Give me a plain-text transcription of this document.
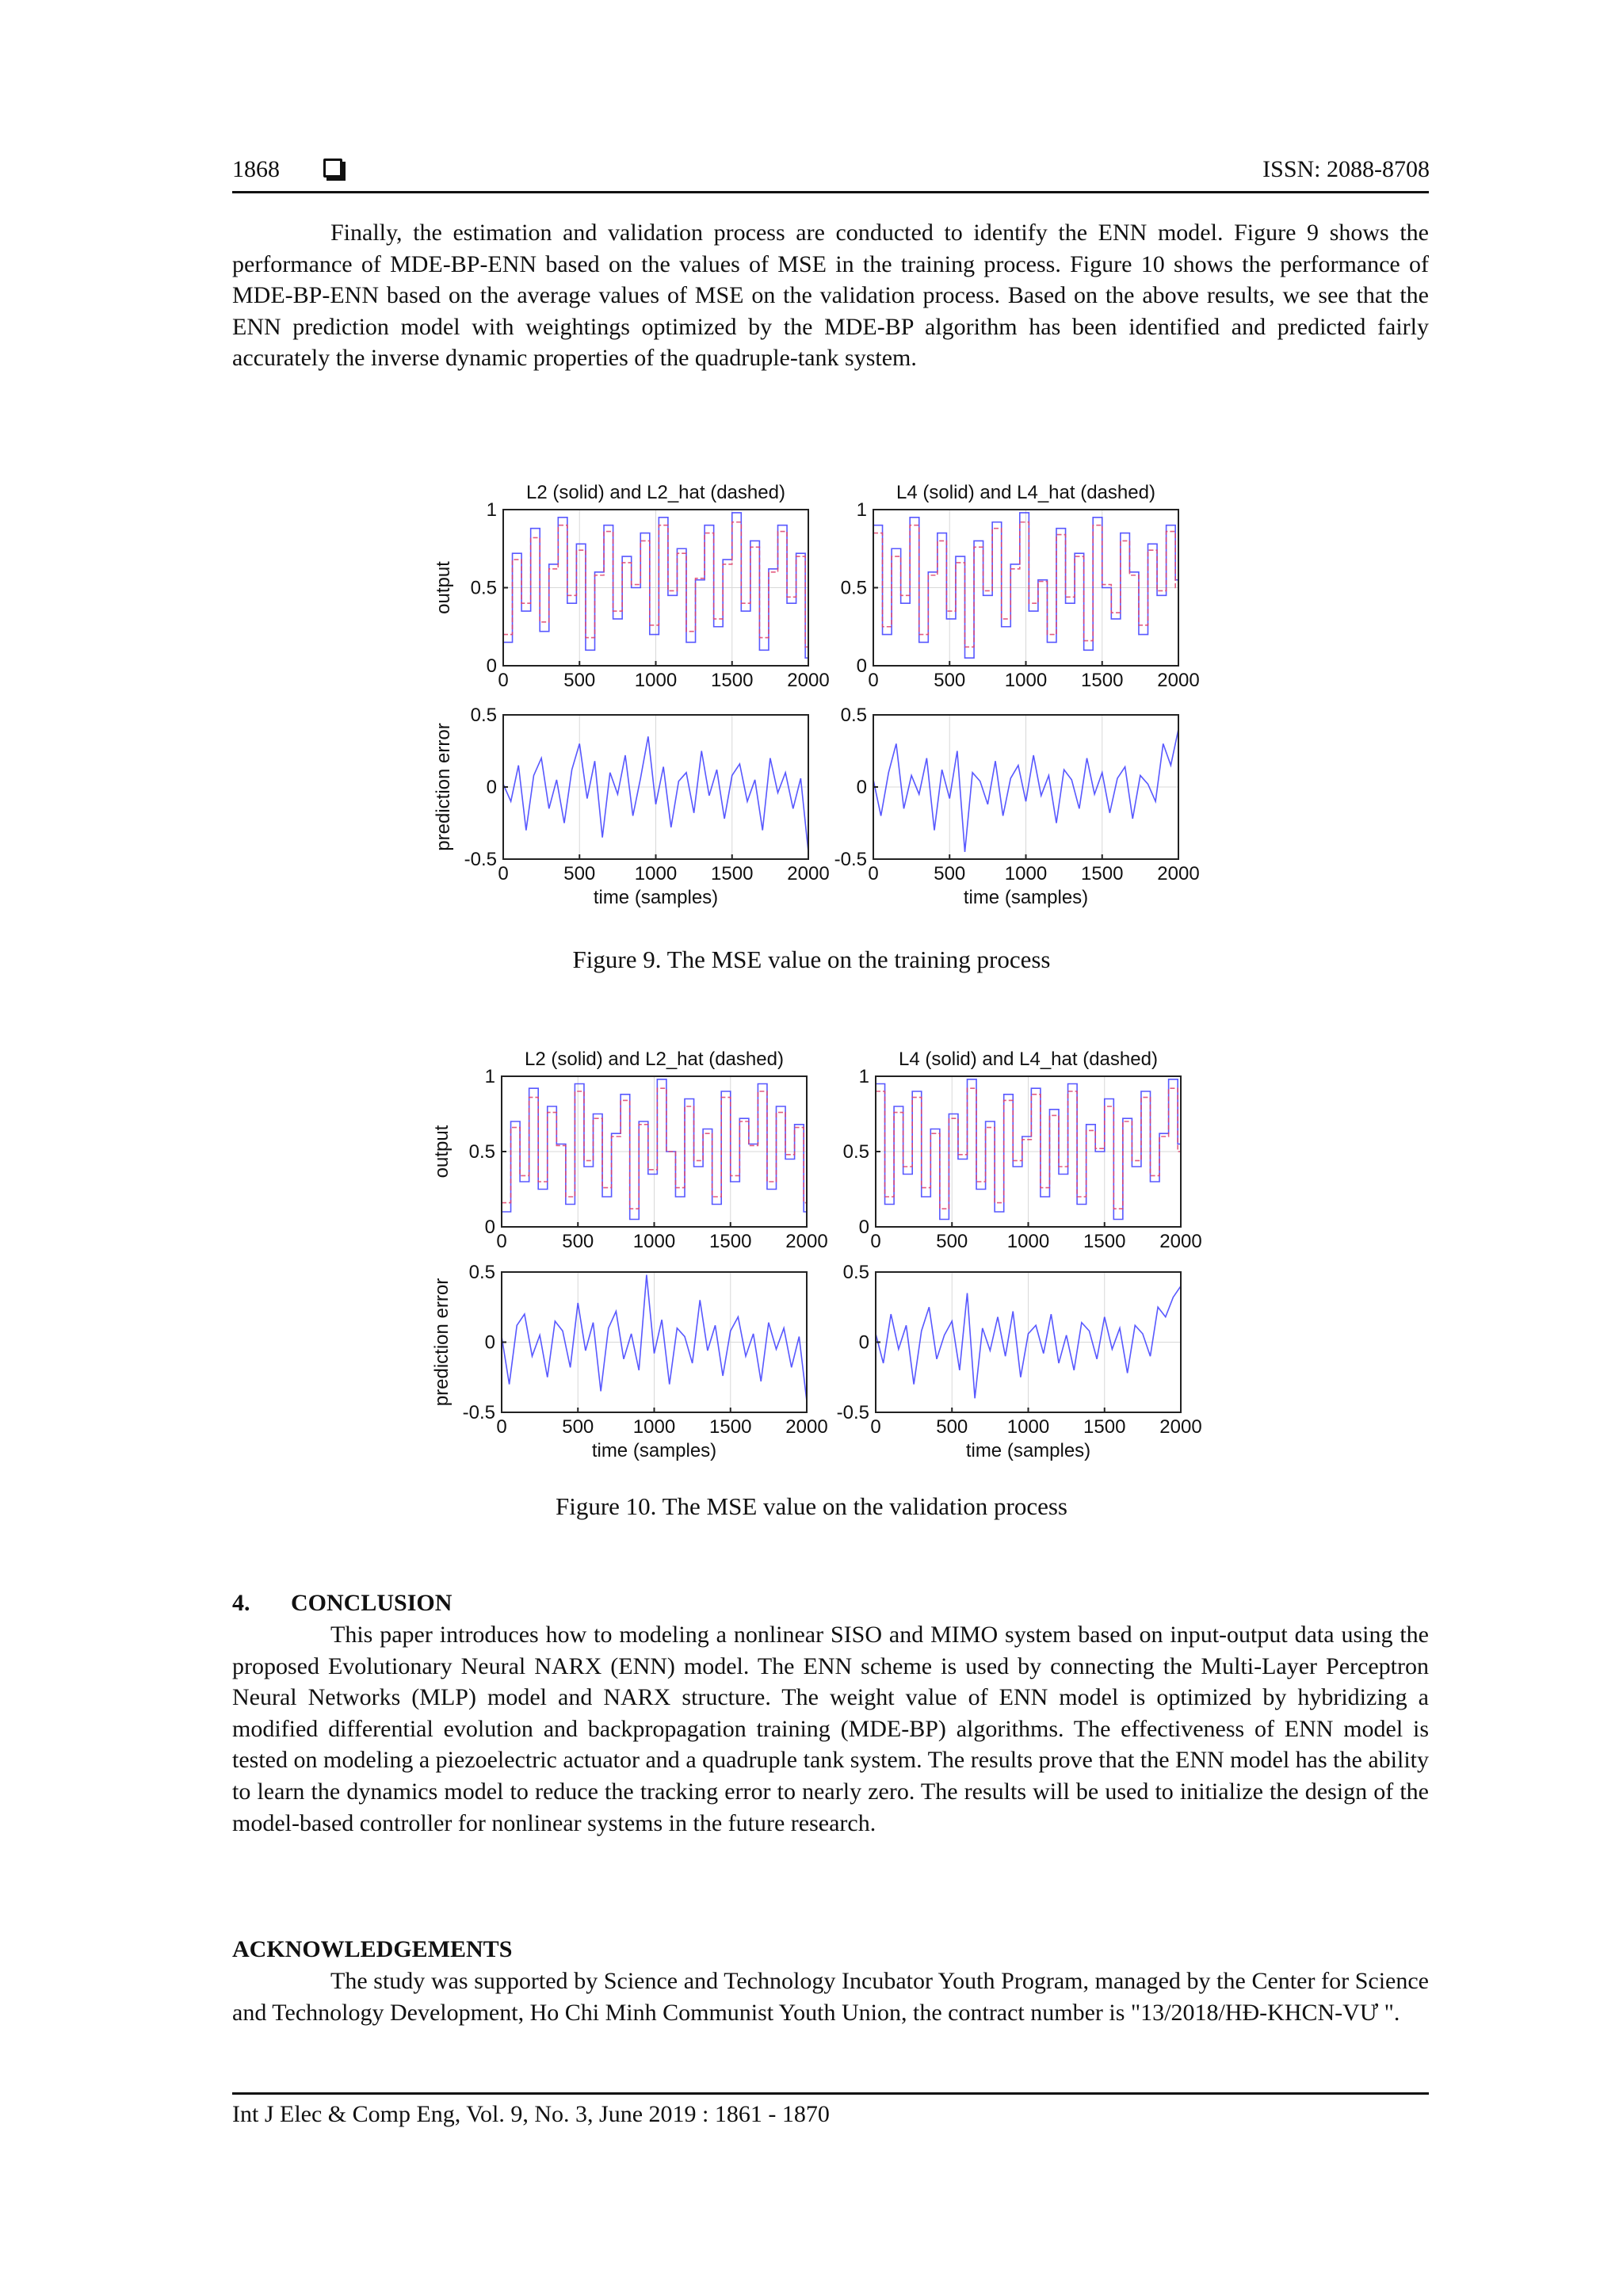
1868	ISSN: 2088-8708

Finally, the estimation and validation process are conducted to identify the ENN model. Figure 9 shows the performance of MDE-BP-ENN based on the values of MSE in the training process. Figure 10 shows the performance of MDE-BP-ENN based on the average values of MSE on the validation process. Based on the above results, we see that the ENN prediction model with weightings optimized by the MDE-BP algorithm has been identified and predicted fairly accurately the inverse dynamic properties of the quadruple-tank system.

0	500 1000 1500 2000
0
0.5
1
L2 (solid) and L2_hat (dashed)
output
0	500 1000 1500 2000
0
0.5
1
L4 (solid) and L4_hat (dashed)
0	500 1000 1500 2000
-0.5
0
0.5
time (samples)
prediction error
0	500 1000 1500 2000
-0.5
0
0.5
time (samples)
Figure 9. The MSE value on the training process
0	500 1000 1500 2000
0
0.5
1
L2 (solid) and L2_hat (dashed)
output
0	500 1000 1500 2000
0
0.5
1
L4 (solid) and L4_hat (dashed)
0	500 1000 1500 2000
-0.5
0
0.5
time (samples)
prediction error
0	500 1000 1500 2000
-0.5
0
0.5
time (samples)
Figure 10. The MSE value on the validation process
4. CONCLUSION

This paper introduces how to modeling a nonlinear SISO and MIMO system based on input-output data using the proposed Evolutionary Neural NARX (ENN) model. The ENN scheme is used by connecting the Multi-Layer Perceptron Neural Networks (MLP) model and NARX structure. The weight value of ENN model is optimized by hybridizing a modified differential evolution and backpropagation training (MDE-BP) algorithms. The effectiveness of ENN model is tested on modeling a piezoelectric actuator and a quadruple tank system. The results prove that the ENN model has the ability to learn the dynamics model to reduce the tracking error to nearly zero. The results will be used to initialize the design of the model-based controller for nonlinear systems in the future research.

ACKNOWLEDGEMENTS

The study was supported by Science and Technology Incubator Youth Program, managed by the Center for Science and Technology Development, Ho Chi Minh Communist Youth Union, the contract number is "13/2018/HĐ-KHCN-VƯ ".

Int J Elec & Comp Eng, Vol. 9, No. 3, June 2019 : 1861 - 1870
